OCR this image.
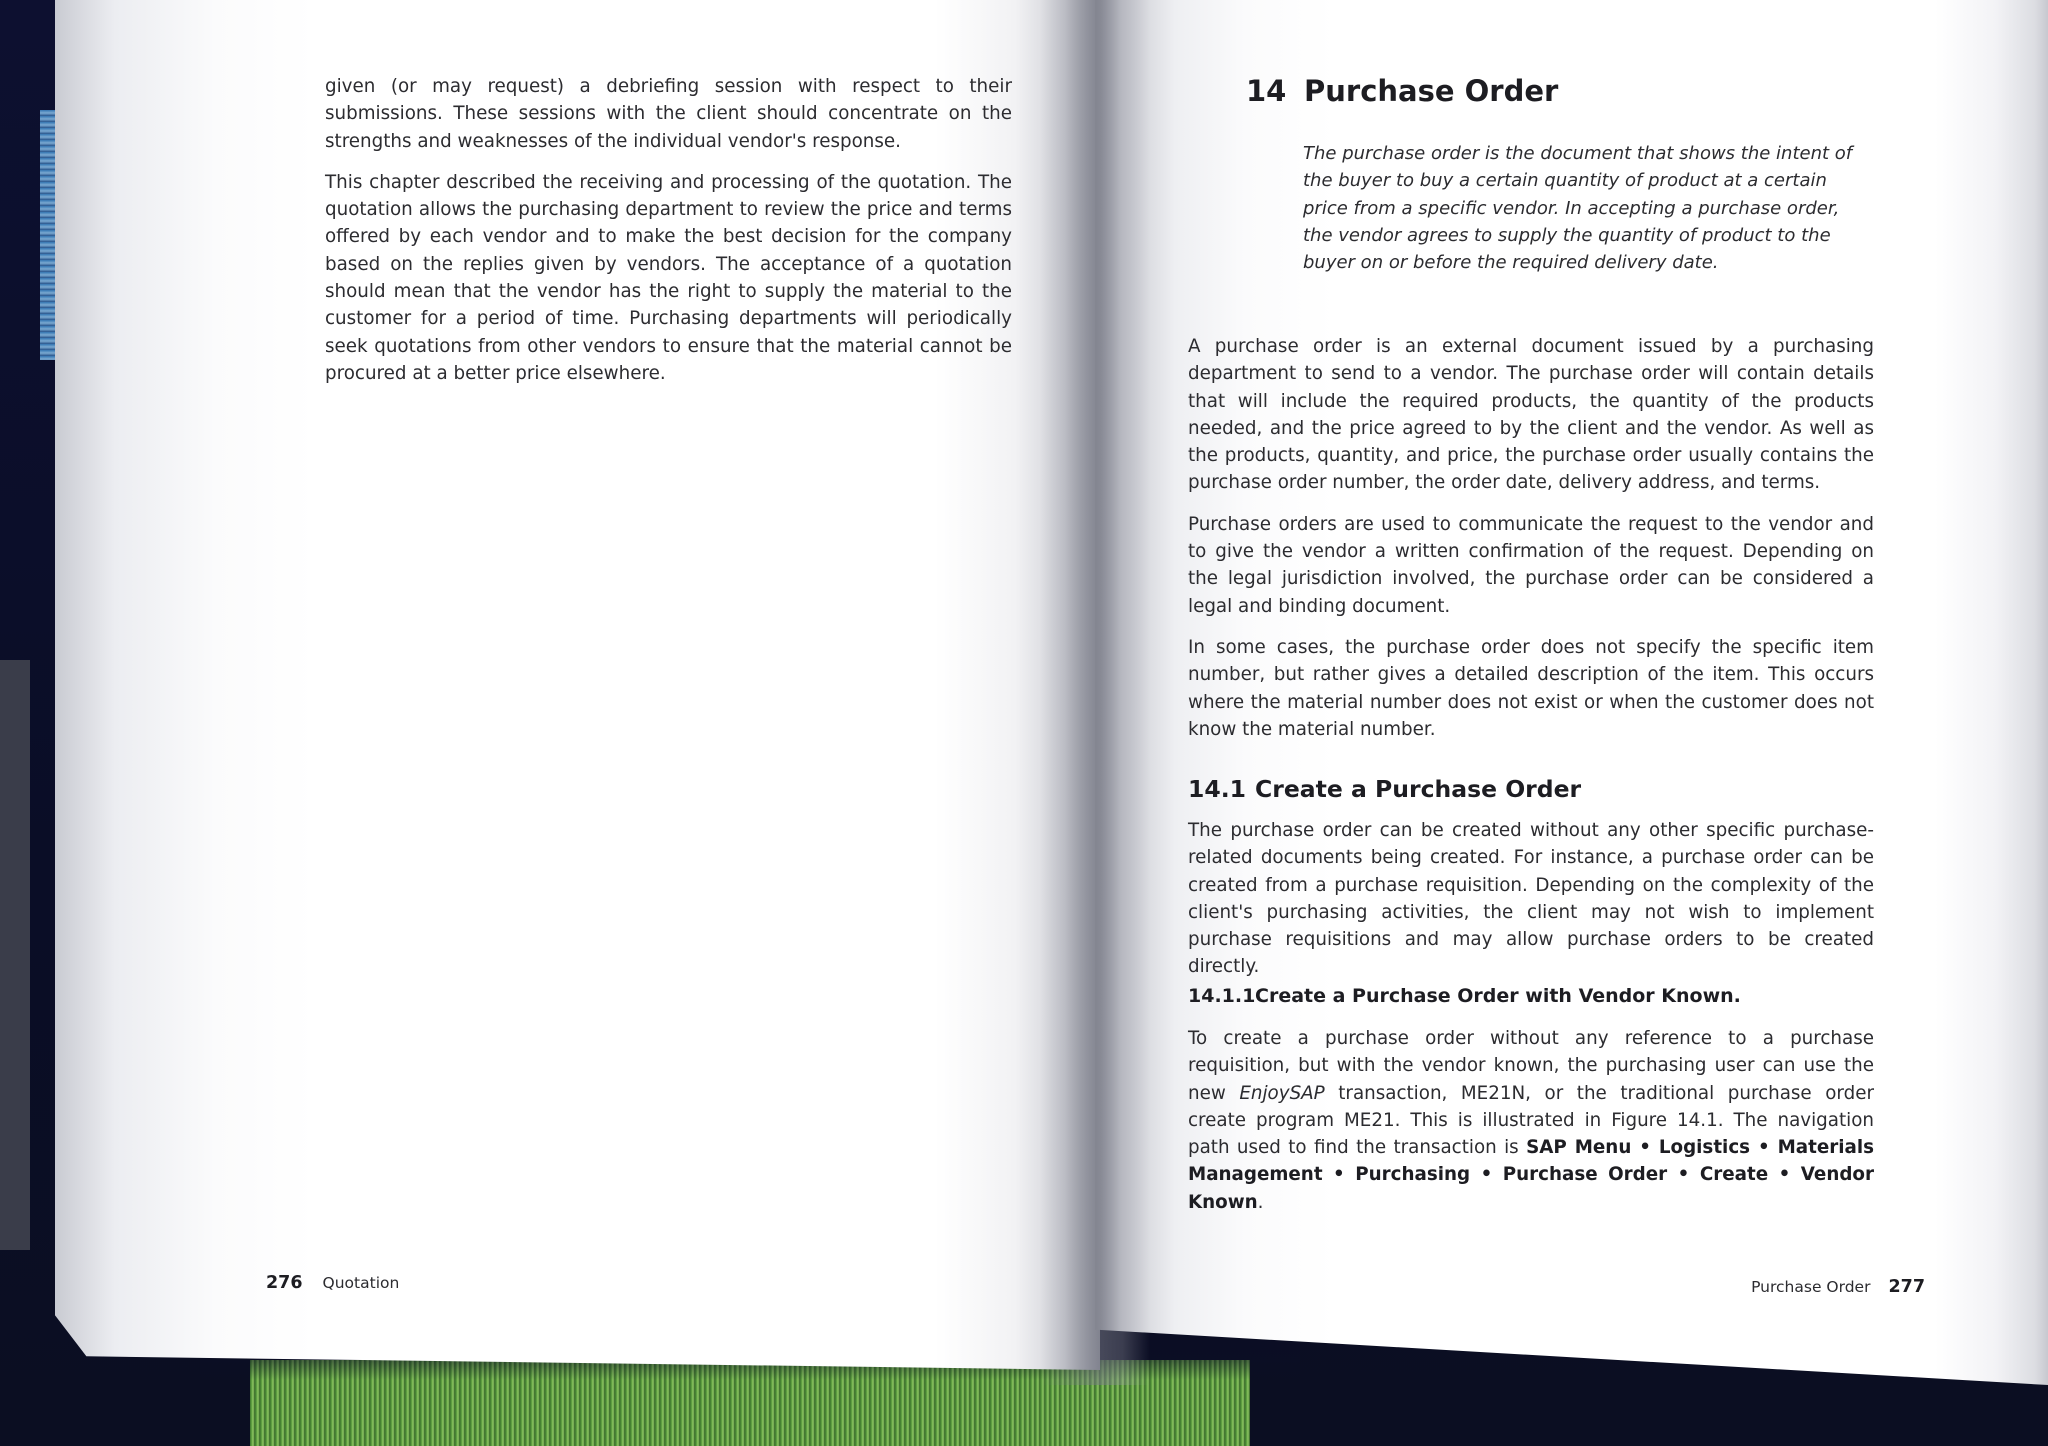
given (or may request) a debriefing session with respect to their submissions. These sessions with the client should concentrate on the strengths and weaknesses of the individual vendor's response.

This chapter described the receiving and processing of the quotation. The quotation allows the purchasing department to review the price and terms offered by each vendor and to make the best decision for the company based on the replies given by vendors. The acceptance of a quotation should mean that the vendor has the right to supply the material to the customer for a period of time. Purchasing departments will periodically seek quotations from other vendors to ensure that the material cannot be procured at a better price elsewhere.

276 Quotation
14 Purchase Order
The purchase order is the document that shows the intent of the buyer to buy a certain quantity of product at a certain price from a specific vendor. In accepting a purchase order, the vendor agrees to supply the quantity of product to the buyer on or before the required delivery date.

A purchase order is an external document issued by a purchasing department to send to a vendor. The purchase order will contain details that will include the required products, the quantity of the products needed, and the price agreed to by the client and the vendor. As well as the products, quantity, and price, the purchase order usually contains the purchase order number, the order date, delivery address, and terms.

Purchase orders are used to communicate the request to the vendor and to give the vendor a written confirmation of the request. Depending on the legal jurisdiction involved, the purchase order can be considered a legal and binding document.

In some cases, the purchase order does not specify the specific item number, but rather gives a detailed description of the item. This occurs where the material number does not exist or when the customer does not know the material number.

14.1 Create a Purchase Order

The purchase order can be created without any other specific purchase-related documents being created. For instance, a purchase order can be created from a purchase requisition. Depending on the complexity of the client's purchasing activities, the client may not wish to implement purchase requisitions and may allow purchase orders to be created directly.

14.1.1Create a Purchase Order with Vendor Known.

To create a purchase order without any reference to a purchase requisition, but with the vendor known, the purchasing user can use the new EnjoySAP transaction, ME21N, or the traditional purchase order create program ME21. This is illustrated in Figure 14.1. The navigation path used to find the transaction is SAP Menu • Logistics • Materials Management • Purchasing • Purchase Order • Create • Vendor Known.

Purchase Order 277
